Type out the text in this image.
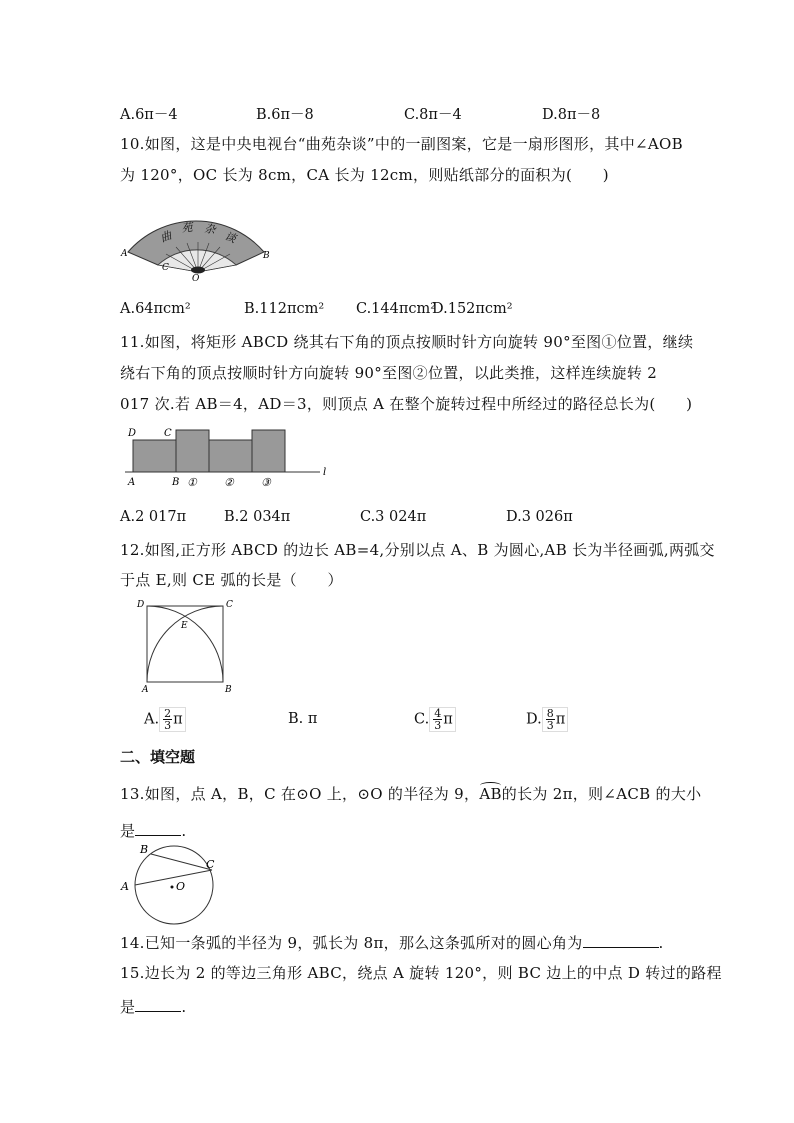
A.6π－4	B.6π－8	C.8π－4	D.8π－8
10.如图，这是中央电视台“曲苑杂谈”中的一副图案，它是一扇形图形，其中∠AOB
为 120°，OC 长为 8cm，CA 长为 12cm，则贴纸部分的面积为(　　)
曲
苑 杂
谈
A	B
C
O
A.64πcm²	B.112πcm² C.144πcm²
D.152πcm²
11.如图，将矩形 ABCD 绕其右下角的顶点按顺时针方向旋转 90°至图①位置，继续
绕右下角的顶点按顺时针方向旋转 90°至图②位置，以此类推，这样连续旋转 2
017 次.若 AB＝4，AD＝3，则顶点 A 在整个旋转过程中所经过的路径总长为(　　)
D	C
A	B
l
① ② ③
A.2 017π	B.2 034π	C.3 024π	D.3 026π
12.如图,正方形 ABCD 的边长 AB=4,分别以点 A、B 为圆心,AB 长为半径画弧,两弧交
于点 E,则 CE 弧的长是（　　）
D	C
E
A	B
A. $\frac{2}{3}$ π	B. π	C. $\frac{4}{3}$ π	D. $\frac{8}{3}$ π
二、填空题
13.如图，点 A，B，C 在⊙O 上，⊙O 的半径为 9，AB的长为 2π，则∠ACB 的大小
是	.
A
B
C
O
14.已知一条弧的半径为 9，弧长为 8π，那么这条弧所对的圆心角为	.
15.边长为 2 的等边三角形 ABC，绕点 A 旋转 120°，则 BC 边上的中点 D 转过的路程
是	.
